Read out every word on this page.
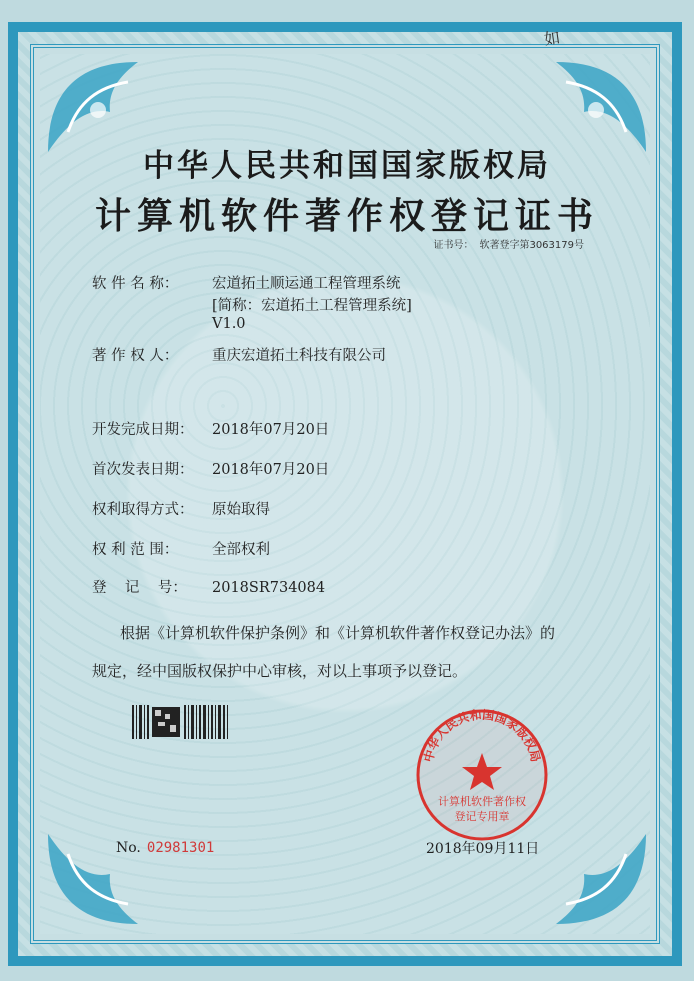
如
中华人民共和国国家版权局
计算机软件著作权登记证书
证书号： 软著登字第3063179号
软 件 名 称： 宏道拓土顺运通工程管理系统
[简称：宏道拓土工程管理系统]
V1.0
著 作 权 人： 重庆宏道拓土科技有限公司
开发完成日期： 2018年07月20日
首次发表日期： 2018年07月20日
权利取得方式： 原始取得
权 利 范 围： 全部权利
登    记    号： 2018SR734084
根据《计算机软件保护条例》和《计算机软件著作权登记办法》的
规定，经中国版权保护中心审核，对以上事项予以登记。
No. 02981301
中华人民共和国国家版权局
计算机软件著作权
登记专用章
2018年09月11日
